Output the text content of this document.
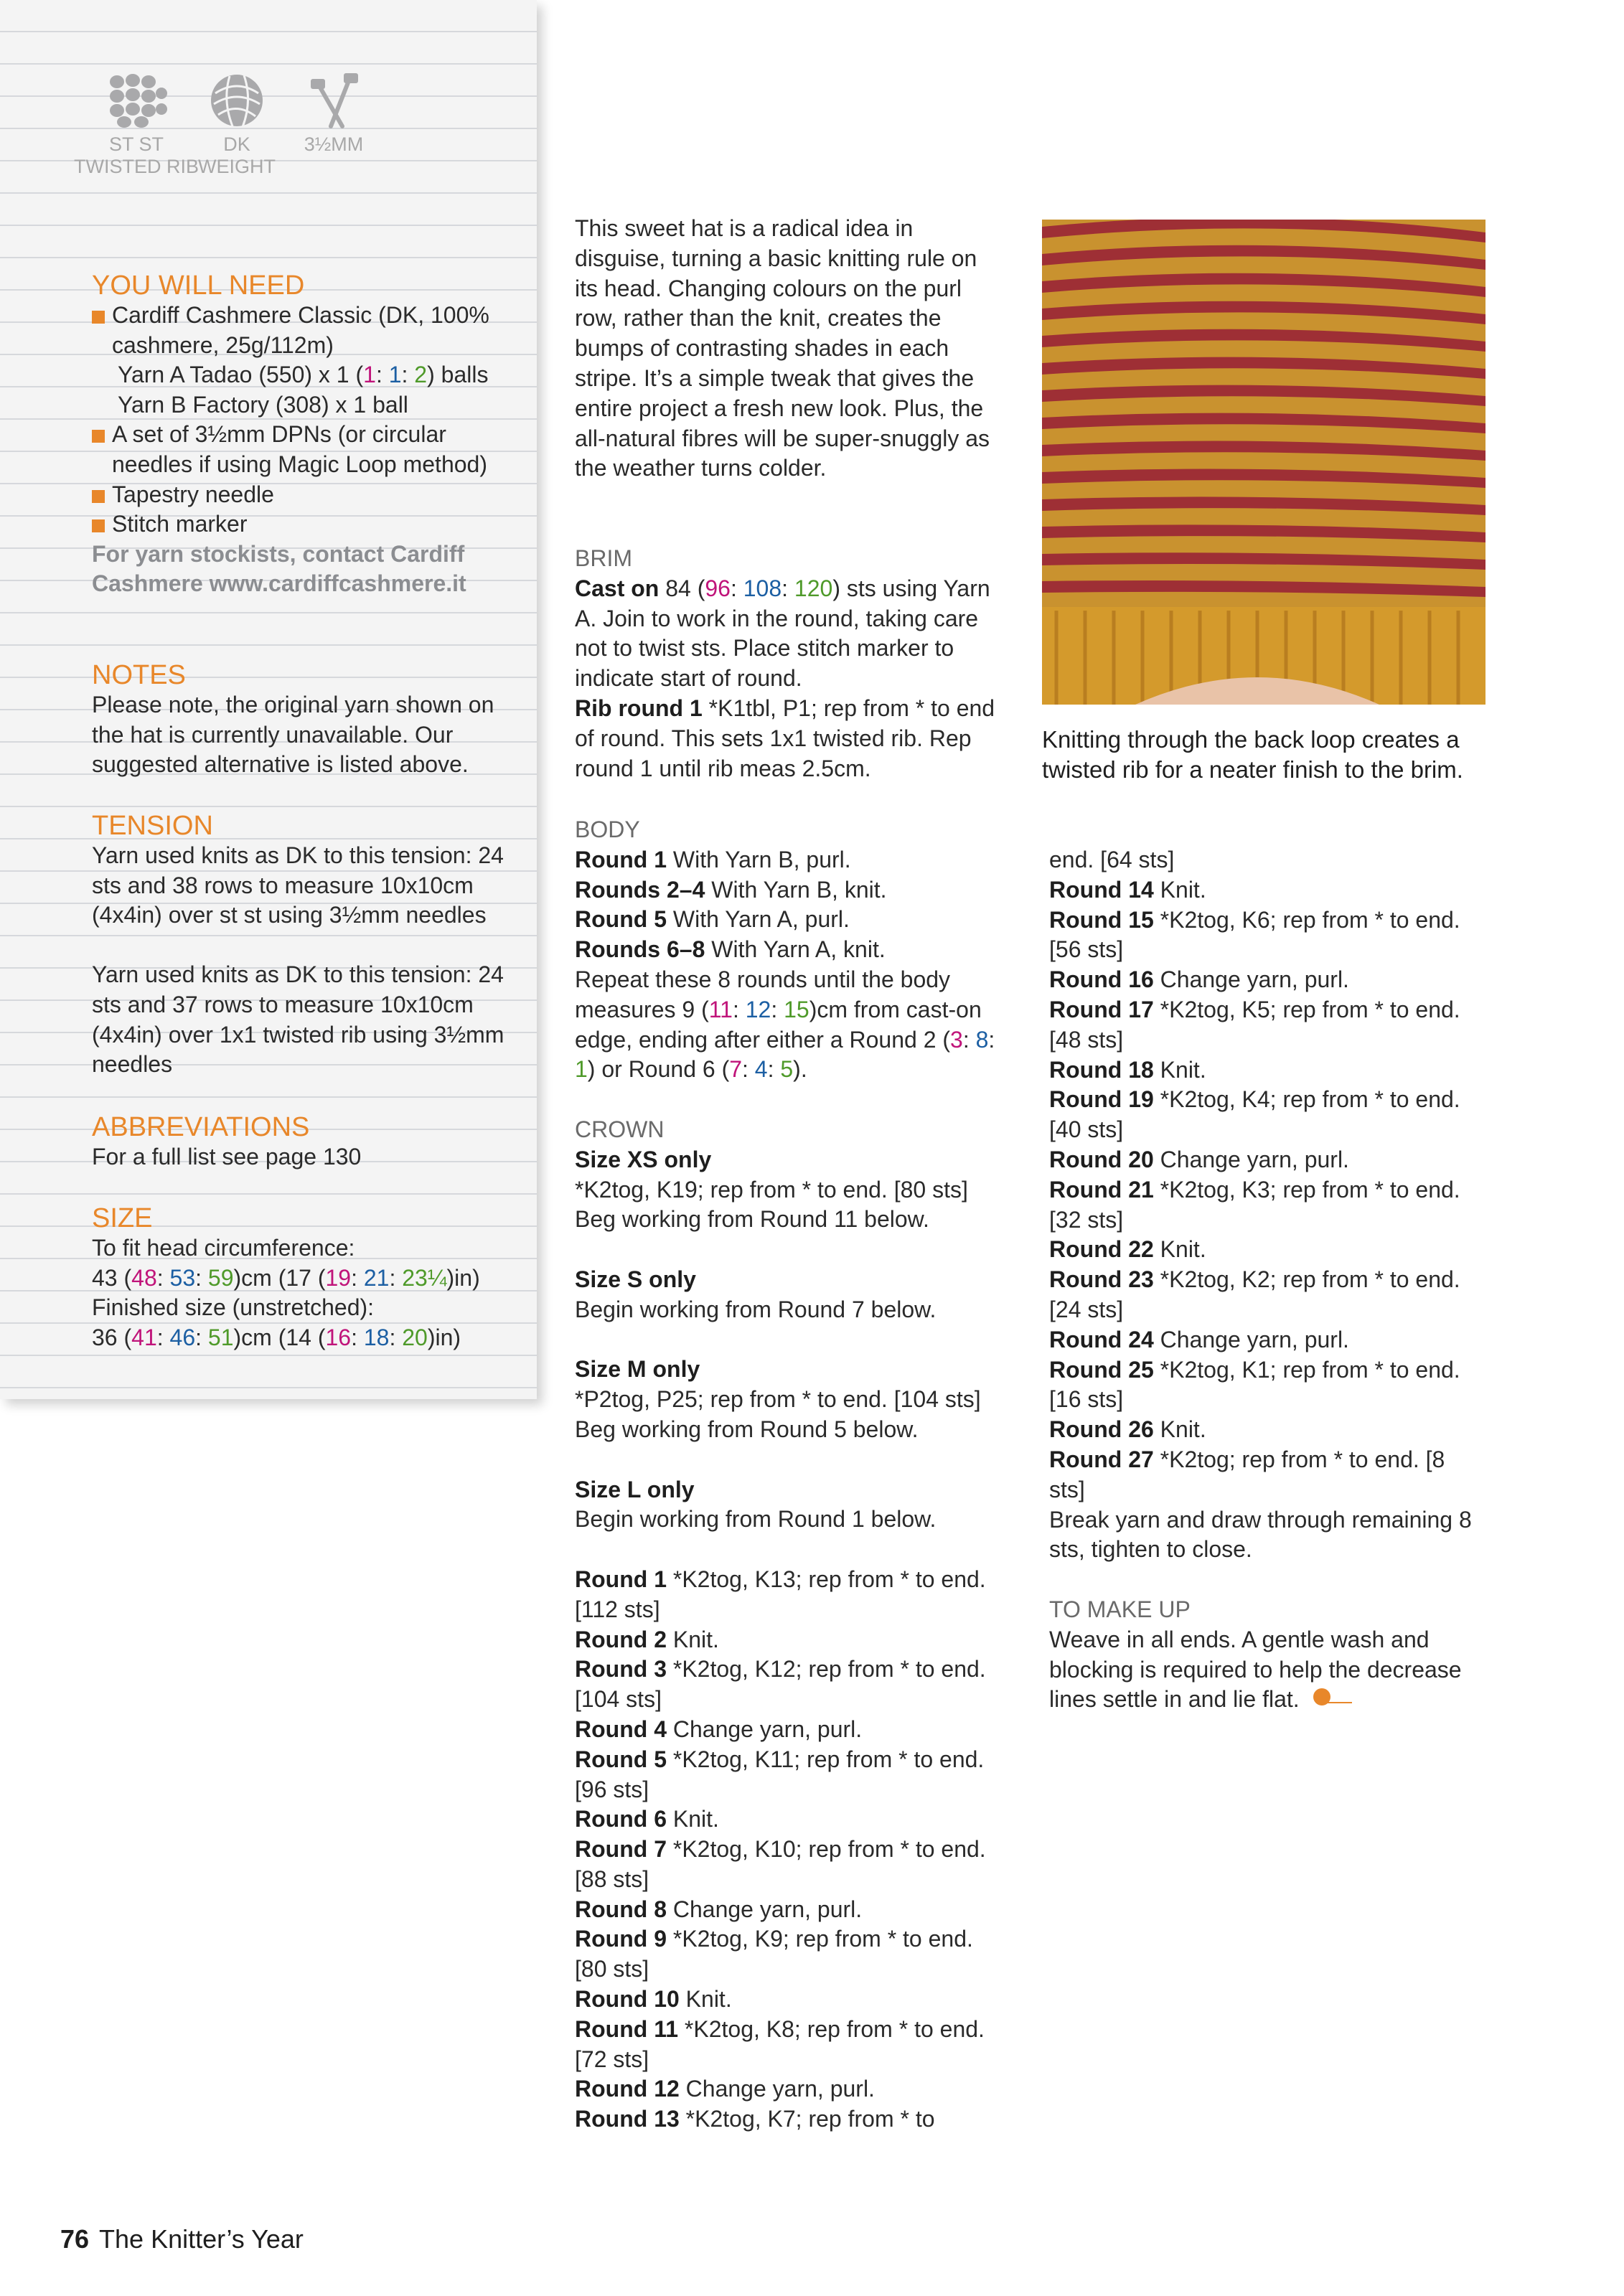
ST ST
TWISTED RIB
DK
WEIGHT
3½MM
YOU WILL NEED
Cardiff Cashmere Classic (DK, 100% cashmere, 25g/112m)
Yarn A Tadao (550) x 1 (1: 1: 2) balls
Yarn B Factory (308) x 1 ball
A set of 3½mm DPNs (or circular needles if using Magic Loop method)
Tapestry needle
Stitch marker
For yarn stockists, contact Cardiff Cashmere www.cardiffcashmere.it
NOTES
Please note, the original yarn shown on the hat is currently unavailable. Our suggested alternative is listed above.
TENSION
Yarn used knits as DK to this tension: 24 sts and 38 rows to measure 10x10cm (4x4in) over st st using 3½mm needles
Yarn used knits as DK to this tension: 24 sts and 37 rows to measure 10x10cm (4x4in) over 1x1 twisted rib using 3½mm needles
ABBREVIATIONS
For a full list see page 130
SIZE
To fit head circumference:
43 (48: 53: 59)cm (17 (19: 21: 23¼)in)
Finished size (unstretched):
36 (41: 46: 51)cm (14 (16: 18: 20)in)
This sweet hat is a radical idea in disguise, turning a basic knitting rule on its head. Changing colours on the purl row, rather than the knit, creates the bumps of contrasting shades in each stripe. It’s a simple tweak that gives the entire project a fresh new look. Plus, the all-natural fibres will be super-snuggly as the weather turns colder.
BRIM
Cast on 84 (96: 108: 120) sts using Yarn A. Join to work in the round, taking care not to twist sts. Place stitch marker to indicate start of round.
Rib round 1 *K1tbl, P1; rep from * to end of round. This sets 1x1 twisted rib. Rep round 1 until rib meas 2.5cm.
BODY
Round 1 With Yarn B, purl.
Rounds 2–4 With Yarn B, knit.
Round 5 With Yarn A, purl.
Rounds 6–8 With Yarn A, knit.
Repeat these 8 rounds until the body measures 9 (11: 12: 15)cm from cast-on edge, ending after either a Round 2 (3: 8: 1) or Round 6 (7: 4: 5).
CROWN
Size XS only
*K2tog, K19; rep from * to end. [80 sts] Beg working from Round 11 below.
Size S only
Begin working from Round 7 below.
Size M only
*P2tog, P25; rep from * to end. [104 sts] Beg working from Round 5 below.
Size L only
Begin working from Round 1 below.
Round 1 *K2tog, K13; rep from * to end. [112 sts]
Round 2 Knit.
Round 3 *K2tog, K12; rep from * to end. [104 sts]
Round 4 Change yarn, purl.
Round 5 *K2tog, K11; rep from * to end. [96 sts]
Round 6 Knit.
Round 7 *K2tog, K10; rep from * to end. [88 sts]
Round 8 Change yarn, purl.
Round 9 *K2tog, K9; rep from * to end. [80 sts]
Round 10 Knit.
Round 11 *K2tog, K8; rep from * to end. [72 sts]
Round 12 Change yarn, purl.
Round 13 *K2tog, K7; rep from * to
Knitting through the back loop creates a twisted rib for a neater finish to the brim.
end. [64 sts]
Round 14 Knit.
Round 15 *K2tog, K6; rep from * to end. [56 sts]
Round 16 Change yarn, purl.
Round 17 *K2tog, K5; rep from * to end. [48 sts]
Round 18 Knit.
Round 19 *K2tog, K4; rep from * to end. [40 sts]
Round 20 Change yarn, purl.
Round 21 *K2tog, K3; rep from * to end. [32 sts]
Round 22 Knit.
Round 23 *K2tog, K2; rep from * to end. [24 sts]
Round 24 Change yarn, purl.
Round 25 *K2tog, K1; rep from * to end. [16 sts]
Round 26 Knit.
Round 27 *K2tog; rep from * to end. [8 sts]
Break yarn and draw through remaining 8 sts, tighten to close.
TO MAKE UP
Weave in all ends. A gentle wash and blocking is required to help the decrease lines settle in and lie flat.
76 The Knitter’s Year
